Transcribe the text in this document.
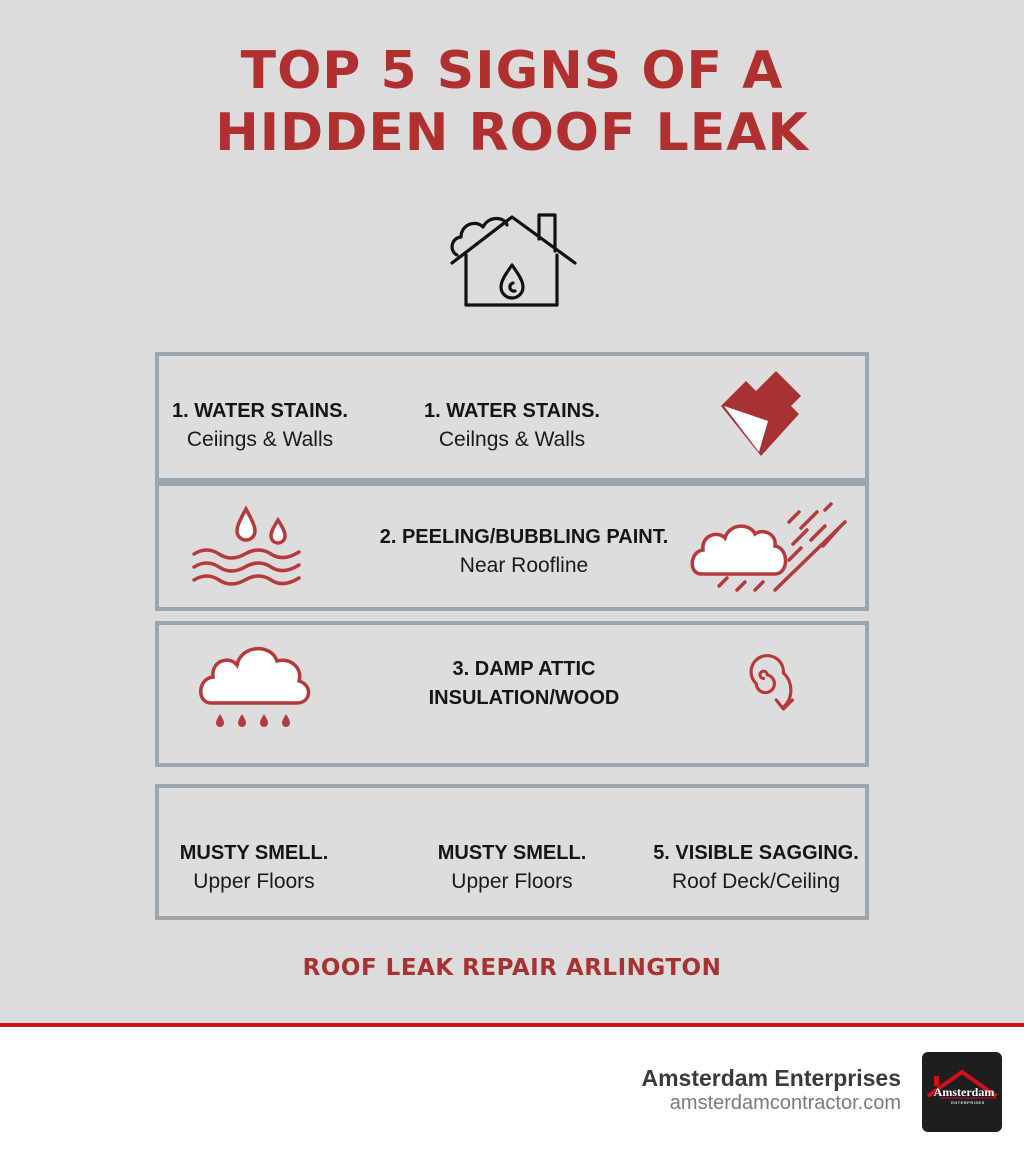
TOP 5 SIGNS OF A
HIDDEN ROOF LEAK
1. WATER STAINS.
Ceiings & Walls
1. WATER STAINS.
Ceilngs & Walls
2. PEELING/BUBBLING PAINT.
Near Roofline
3. DAMP ATTIC
INSULATION/WOOD
MUSTY SMELL.
Upper Floors
MUSTY SMELL.
Upper Floors
5. VISIBLE SAGGING.
Roof Deck/Ceiling
ROOF LEAK REPAIR ARLINGTON
Amsterdam Enterprises
amsterdamcontractor.com	Amsterdam
ENTERPRISES
